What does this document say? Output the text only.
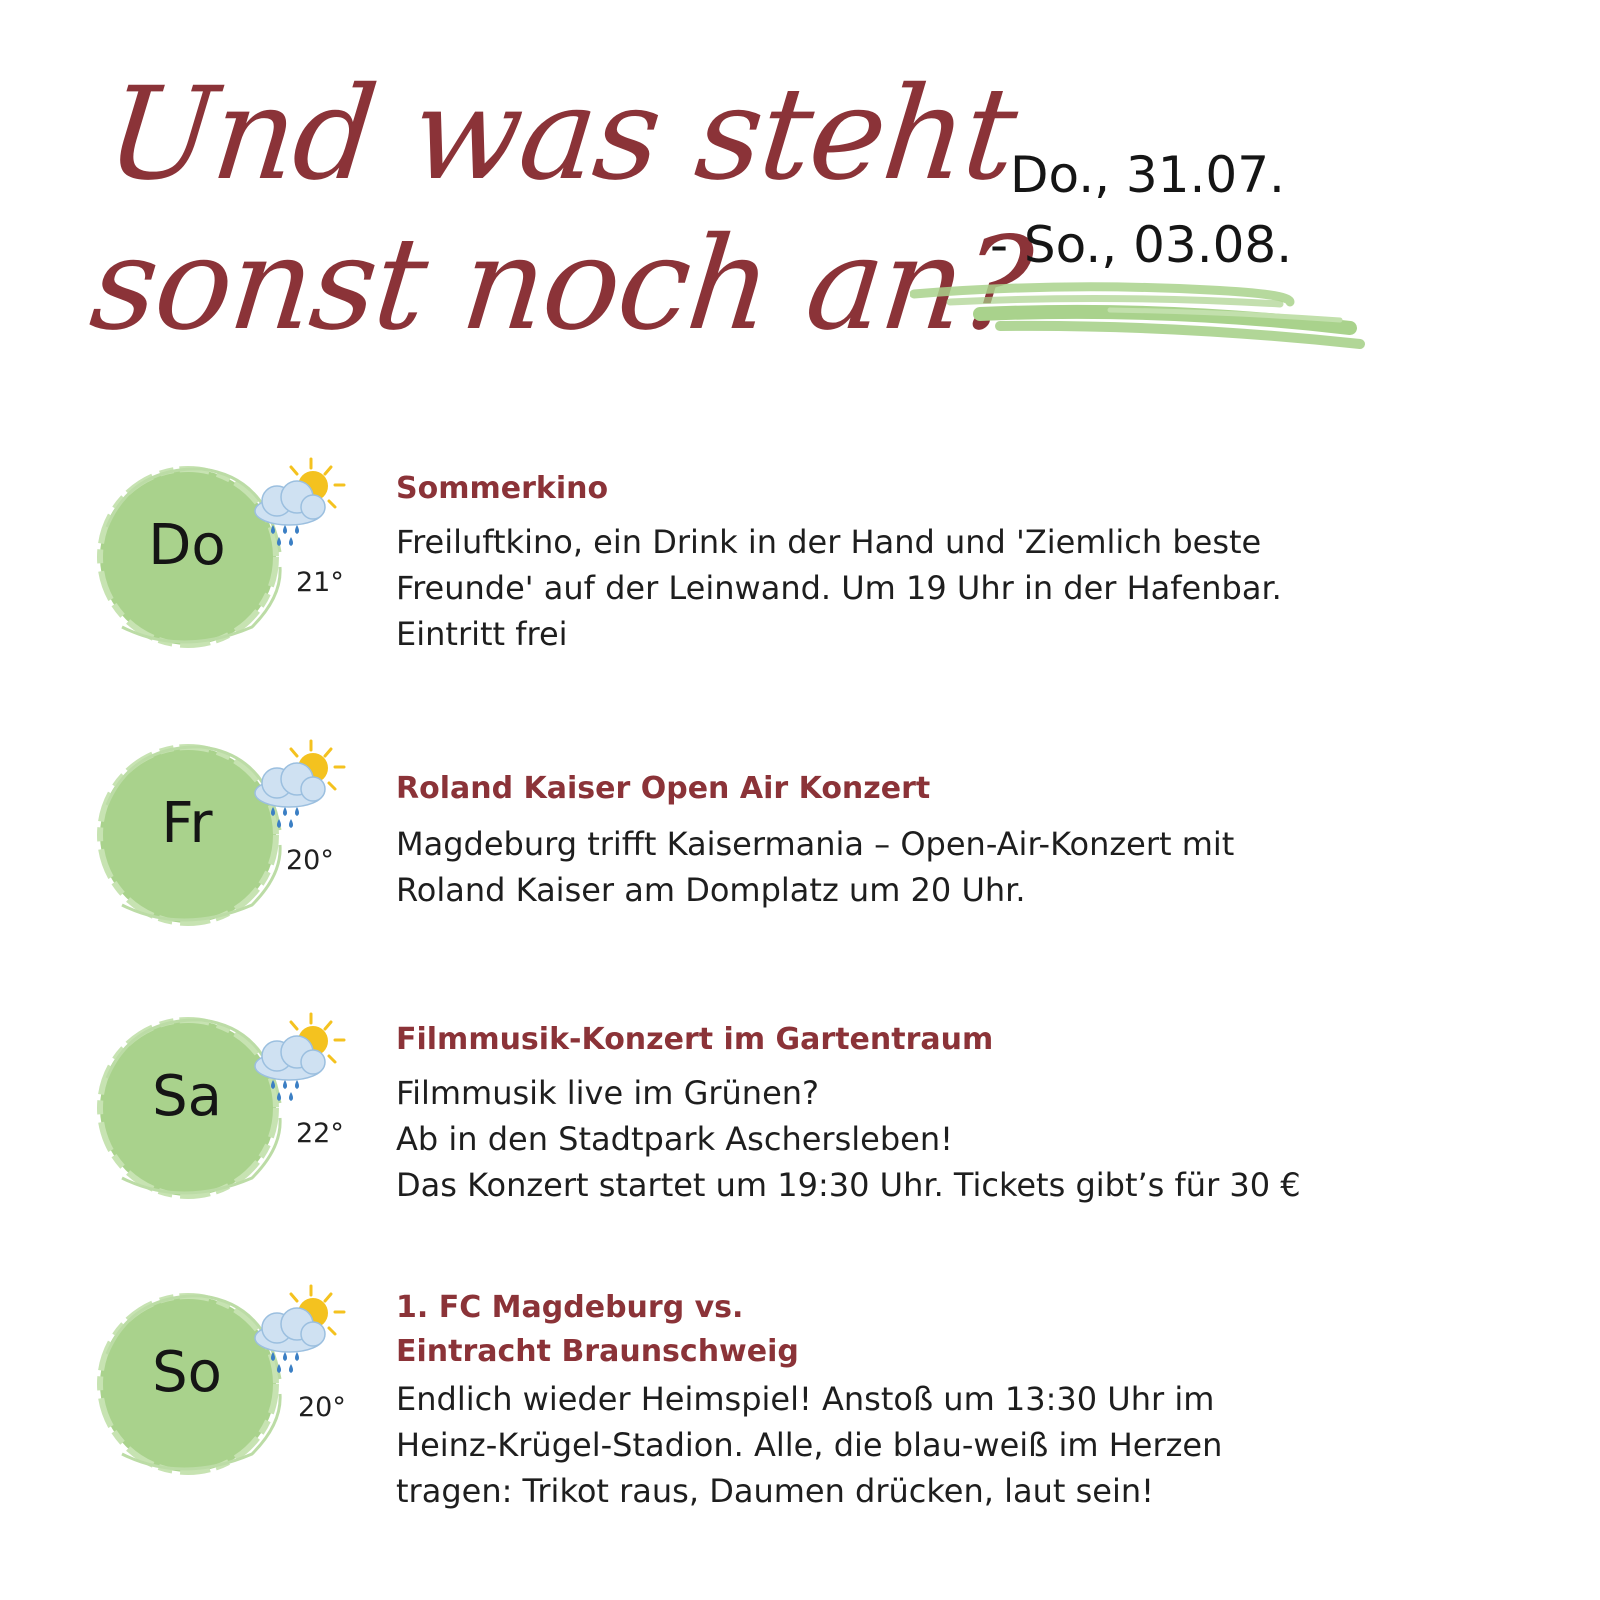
Und was steht
sonst noch an?
Do., 31.07.
- So., 03.08.
Do
21°
Sommerkino
Freiluftkino, ein Drink in der Hand und 'Ziemlich beste
Freunde' auf der Leinwand. Um 19 Uhr in der Hafenbar.
Eintritt frei
Fr
20°
Roland Kaiser Open Air Konzert
Magdeburg trifft Kaisermania – Open-Air-Konzert mit
Roland Kaiser am Domplatz um 20 Uhr.
Sa
22°
Filmmusik-Konzert im Gartentraum
Filmmusik live im Grünen?
Ab in den Stadtpark Aschersleben!
Das Konzert startet um 19:30 Uhr. Tickets gibt’s für 30 €
So
20°
1. FC Magdeburg vs.
Eintracht Braunschweig
Endlich wieder Heimspiel! Anstoß um 13:30 Uhr im
Heinz-Krügel-Stadion. Alle, die blau-weiß im Herzen
tragen: Trikot raus, Daumen drücken, laut sein!
